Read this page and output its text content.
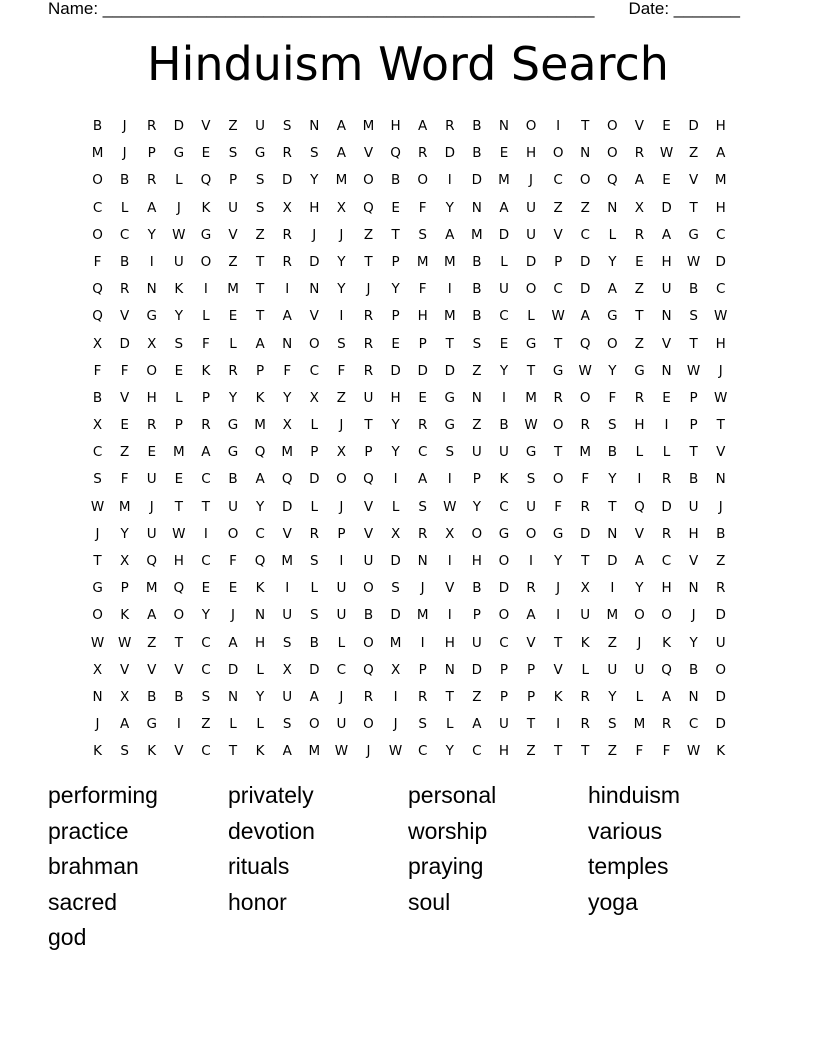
Name: ____________________________________________________ Date: _______
Hinduism Word Search
B	J	R	D	V	Z	U	S	N	A	M	H	A	R	B	N	O	I	T	O	V	E	D	H
M	J	P	G	E	S	G	R	S	A	V	Q	R	D	B	E	H	O	N	O	R	W	Z	A
O	B	R	L	Q	P	S	D	Y	M	O	B	O	I	D	M	J	C	O	Q	A	E	V	M
C	L	A	J	K	U	S	X	H	X	Q	E	F	Y	N	A	U	Z	Z	N	X	D	T	H
O	C	Y	W	G	V	Z	R	J	J	Z	T	S	A	M	D	U	V	C	L	R	A	G	C
F	B	I	U	O	Z	T	R	D	Y	T	P	M	M	B	L	D	P	D	Y	E	H	W	D
Q	R	N	K	I	M	T	I	N	Y	J	Y	F	I	B	U	O	C	D	A	Z	U	B	C
Q	V	G	Y	L	E	T	A	V	I	R	P	H	M	B	C	L	W	A	G	T	N	S	W
X	D	X	S	F	L	A	N	O	S	R	E	P	T	S	E	G	T	Q	O	Z	V	T	H
F	F	O	E	K	R	P	F	C	F	R	D	D	D	Z	Y	T	G	W	Y	G	N	W	J
B	V	H	L	P	Y	K	Y	X	Z	U	H	E	G	N	I	M	R	O	F	R	E	P	W
X	E	R	P	R	G	M	X	L	J	T	Y	R	G	Z	B	W	O	R	S	H	I	P	T
C	Z	E	M	A	G	Q	M	P	X	P	Y	C	S	U	U	G	T	M	B	L	L	T	V
S	F	U	E	C	B	A	Q	D	O	Q	I	A	I	P	K	S	O	F	Y	I	R	B	N
W	M	J	T	T	U	Y	D	L	J	V	L	S	W	Y	C	U	F	R	T	Q	D	U	J
J	Y	U	W	I	O	C	V	R	P	V	X	R	X	O	G	O	G	D	N	V	R	H	B
T	X	Q	H	C	F	Q	M	S	I	U	D	N	I	H	O	I	Y	T	D	A	C	V	Z
G	P	M	Q	E	E	K	I	L	U	O	S	J	V	B	D	R	J	X	I	Y	H	N	R
O	K	A	O	Y	J	N	U	S	U	B	D	M	I	P	O	A	I	U	M	O	O	J	D
W	W	Z	T	C	A	H	S	B	L	O	M	I	H	U	C	V	T	K	Z	J	K	Y	U
X	V	V	V	C	D	L	X	D	C	Q	X	P	N	D	P	P	V	L	U	U	Q	B	O
N	X	B	B	S	N	Y	U	A	J	R	I	R	T	Z	P	P	K	R	Y	L	A	N	D
J	A	G	I	Z	L	L	S	O	U	O	J	S	L	A	U	T	I	R	S	M	R	C	D
K	S	K	V	C	T	K	A	M	W	J	W	C	Y	C	H	Z	T	T	Z	F	F	W	K
performing	privately	personal	hinduism
practice	devotion	worship	various
brahman	rituals	praying	temples
sacred	honor	soul	yoga
god
